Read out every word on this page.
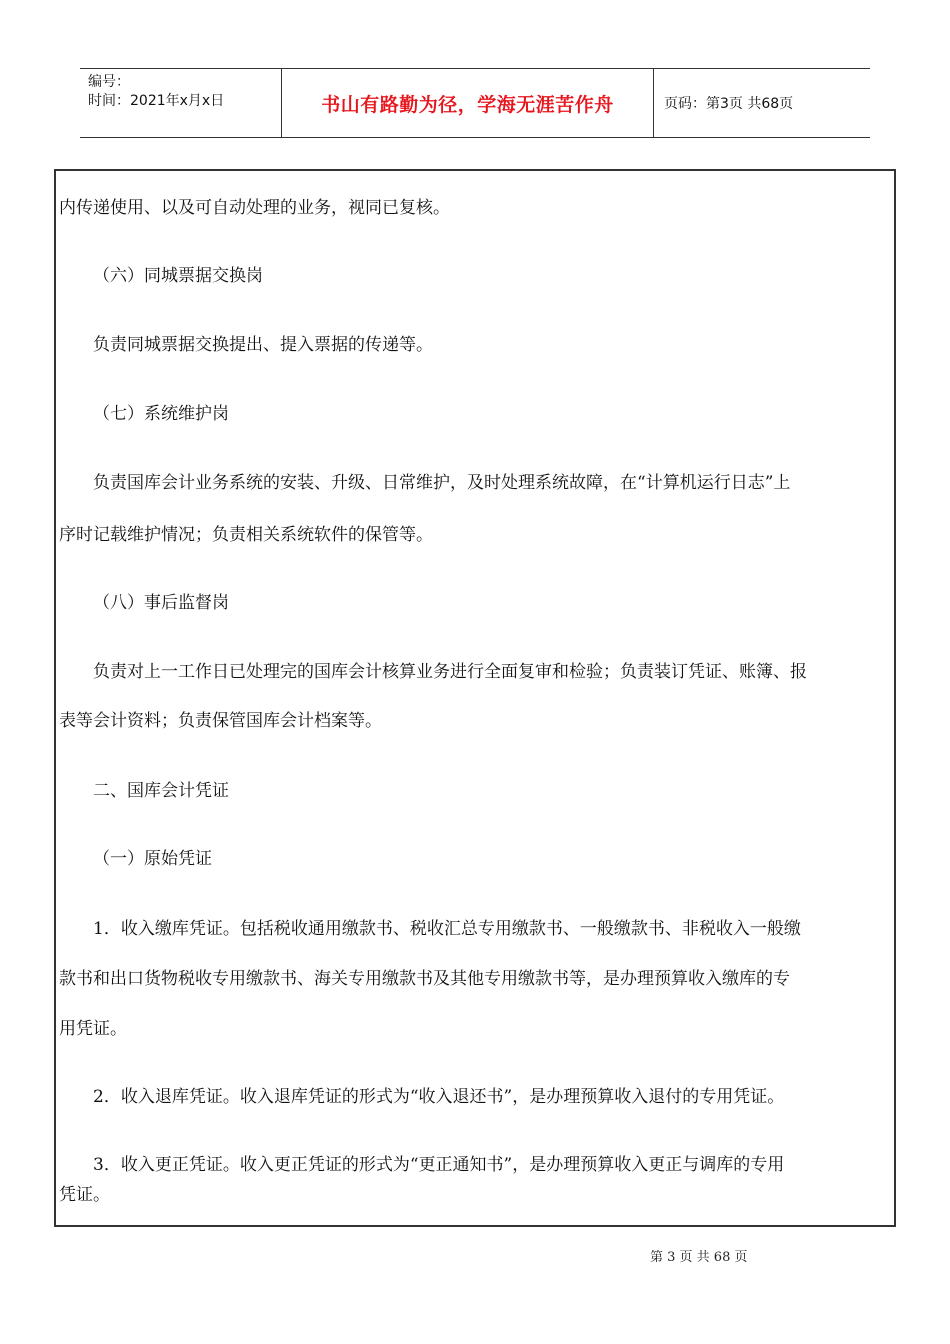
编号：
时间：2021年x月x日	书山有路勤为径，学海无涯苦作舟	页码：第3页 共68页

内传递使用、以及可自动处理的业务，视同已复核。

（六）同城票据交换岗

负责同城票据交换提出、提入票据的传递等。

（七）系统维护岗

负责国库会计业务系统的安装、升级、日常维护，及时处理系统故障，在“计算机运行日志”上

序时记载维护情况；负责相关系统软件的保管等。

（八）事后监督岗

负责对上一工作日已处理完的国库会计核算业务进行全面复审和检验；负责装订凭证、账簿、报

表等会计资料；负责保管国库会计档案等。

二、国库会计凭证

（一）原始凭证

1．收入缴库凭证。包括税收通用缴款书、税收汇总专用缴款书、一般缴款书、非税收入一般缴

款书和出口货物税收专用缴款书、海关专用缴款书及其他专用缴款书等，是办理预算收入缴库的专

用凭证。

2．收入退库凭证。收入退库凭证的形式为“收入退还书”，是办理预算收入退付的专用凭证。

3．收入更正凭证。收入更正凭证的形式为“更正通知书”，是办理预算收入更正与调库的专用

凭证。

第 3 页 共 68 页
